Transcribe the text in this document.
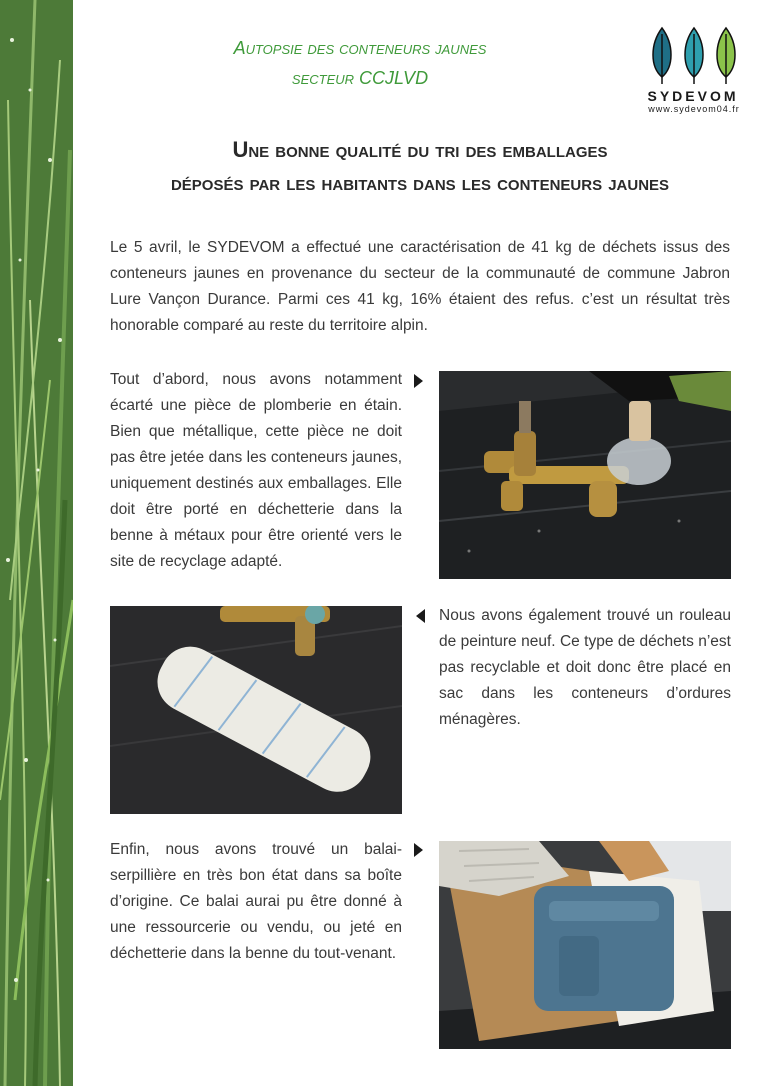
Autopsie des conteneurs jaunes
secteur CCJLVD
SYDEVOM
www.sydevom04.fr
Une bonne qualité du tri des emballages
déposés par les habitants dans les conteneurs jaunes

Le 5 avril, le SYDEVOM a effectué une caractérisation de 41 kg de déchets issus des conteneurs jaunes en provenance du secteur de la communauté de commune Jabron Lure Vançon Durance. Parmi ces 41 kg, 16% étaient des refus. c’est un résultat très honorable comparé au reste du territoire alpin.

Tout d’abord, nous avons notamment écarté une pièce de plomberie en étain. Bien que métallique, cette pièce ne doit pas être jetée dans les conteneurs jaunes, uniquement destinés aux emballages. Elle doit être porté en déchetterie dans la benne à métaux pour être orienté vers le site de recyclage adapté.

Nous avons également trouvé un rouleau de peinture neuf. Ce type de déchets n’est pas recyclable et doit donc être placé en sac dans les conteneurs d’ordures ménagères.

Enfin, nous avons trouvé un balai-serpillière en très bon état dans sa boîte d’origine. Ce balai aurai pu être donné à une ressourcerie ou vendu, ou jeté en déchetterie dans la benne du tout-venant.
